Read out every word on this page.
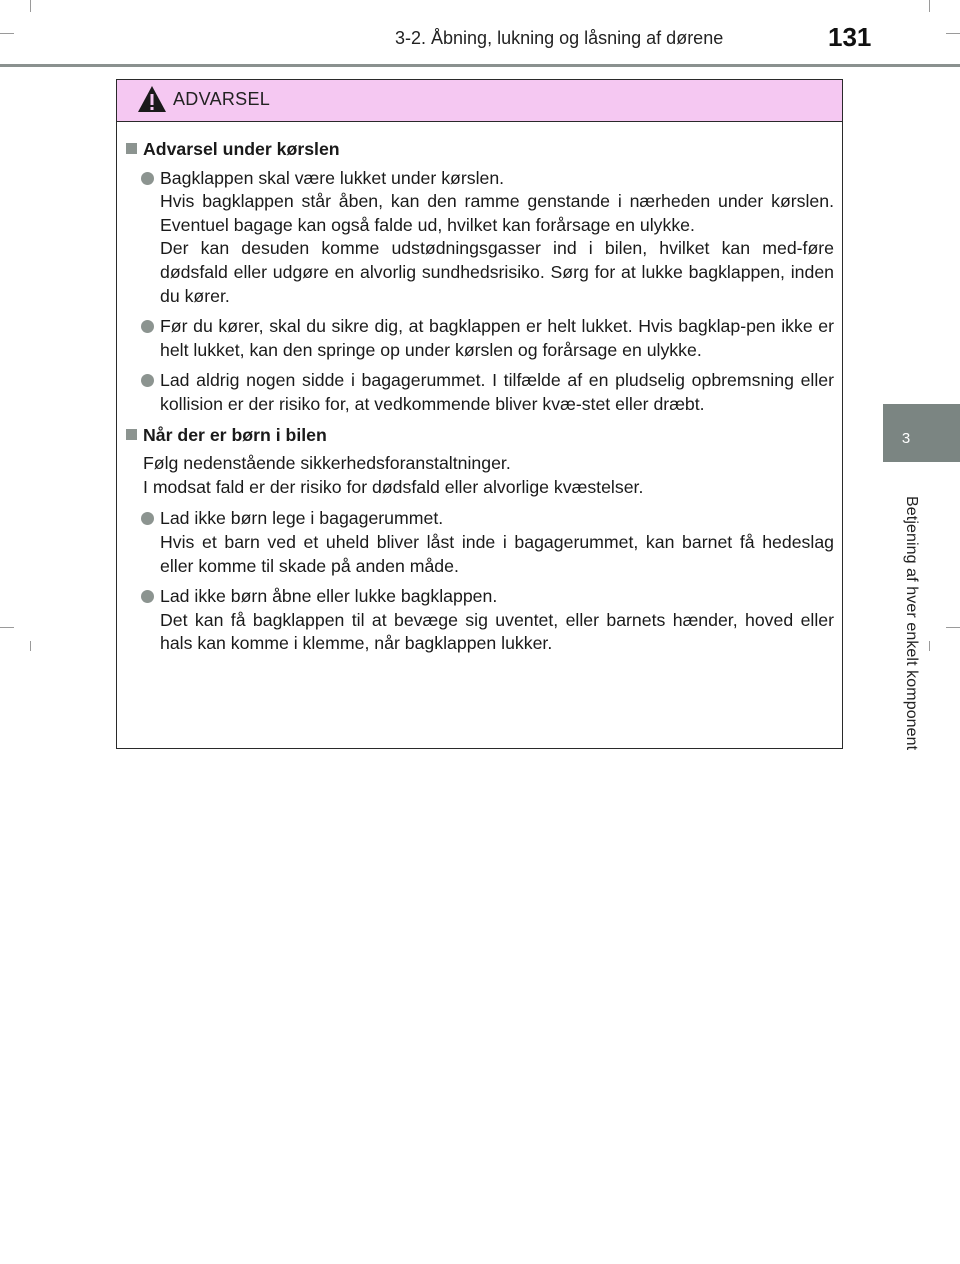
3-2. Åbning, lukning og låsning af dørene	131
3
Betjening af hver enkelt komponent
ADVARSEL
Advarsel under kørslen

Bagklappen skal være lukket under kørslen.

Hvis bagklappen står åben, kan den ramme genstande i nærheden under kørslen. Eventuel bagage kan også falde ud, hvilket kan forårsage en ulykke.

Der kan desuden komme udstødningsgasser ind i bilen, hvilket kan med-føre dødsfald eller udgøre en alvorlig sundhedsrisiko. Sørg for at lukke bagklappen, inden du kører.

Før du kører, skal du sikre dig, at bagklappen er helt lukket. Hvis bagklap-pen ikke er helt lukket, kan den springe op under kørslen og forårsage en ulykke.

Lad aldrig nogen sidde i bagagerummet. I tilfælde af en pludselig opbremsning eller kollision er der risiko for, at vedkommende bliver kvæ-stet eller dræbt.

Når der er børn i bilen

Følg nedenstående sikkerhedsforanstaltninger.

I modsat fald er der risiko for dødsfald eller alvorlige kvæstelser.

Lad ikke børn lege i bagagerummet.

Hvis et barn ved et uheld bliver låst inde i bagagerummet, kan barnet få hedeslag eller komme til skade på anden måde.

Lad ikke børn åbne eller lukke bagklappen.

Det kan få bagklappen til at bevæge sig uventet, eller barnets hænder, hoved eller hals kan komme i klemme, når bagklappen lukker.
